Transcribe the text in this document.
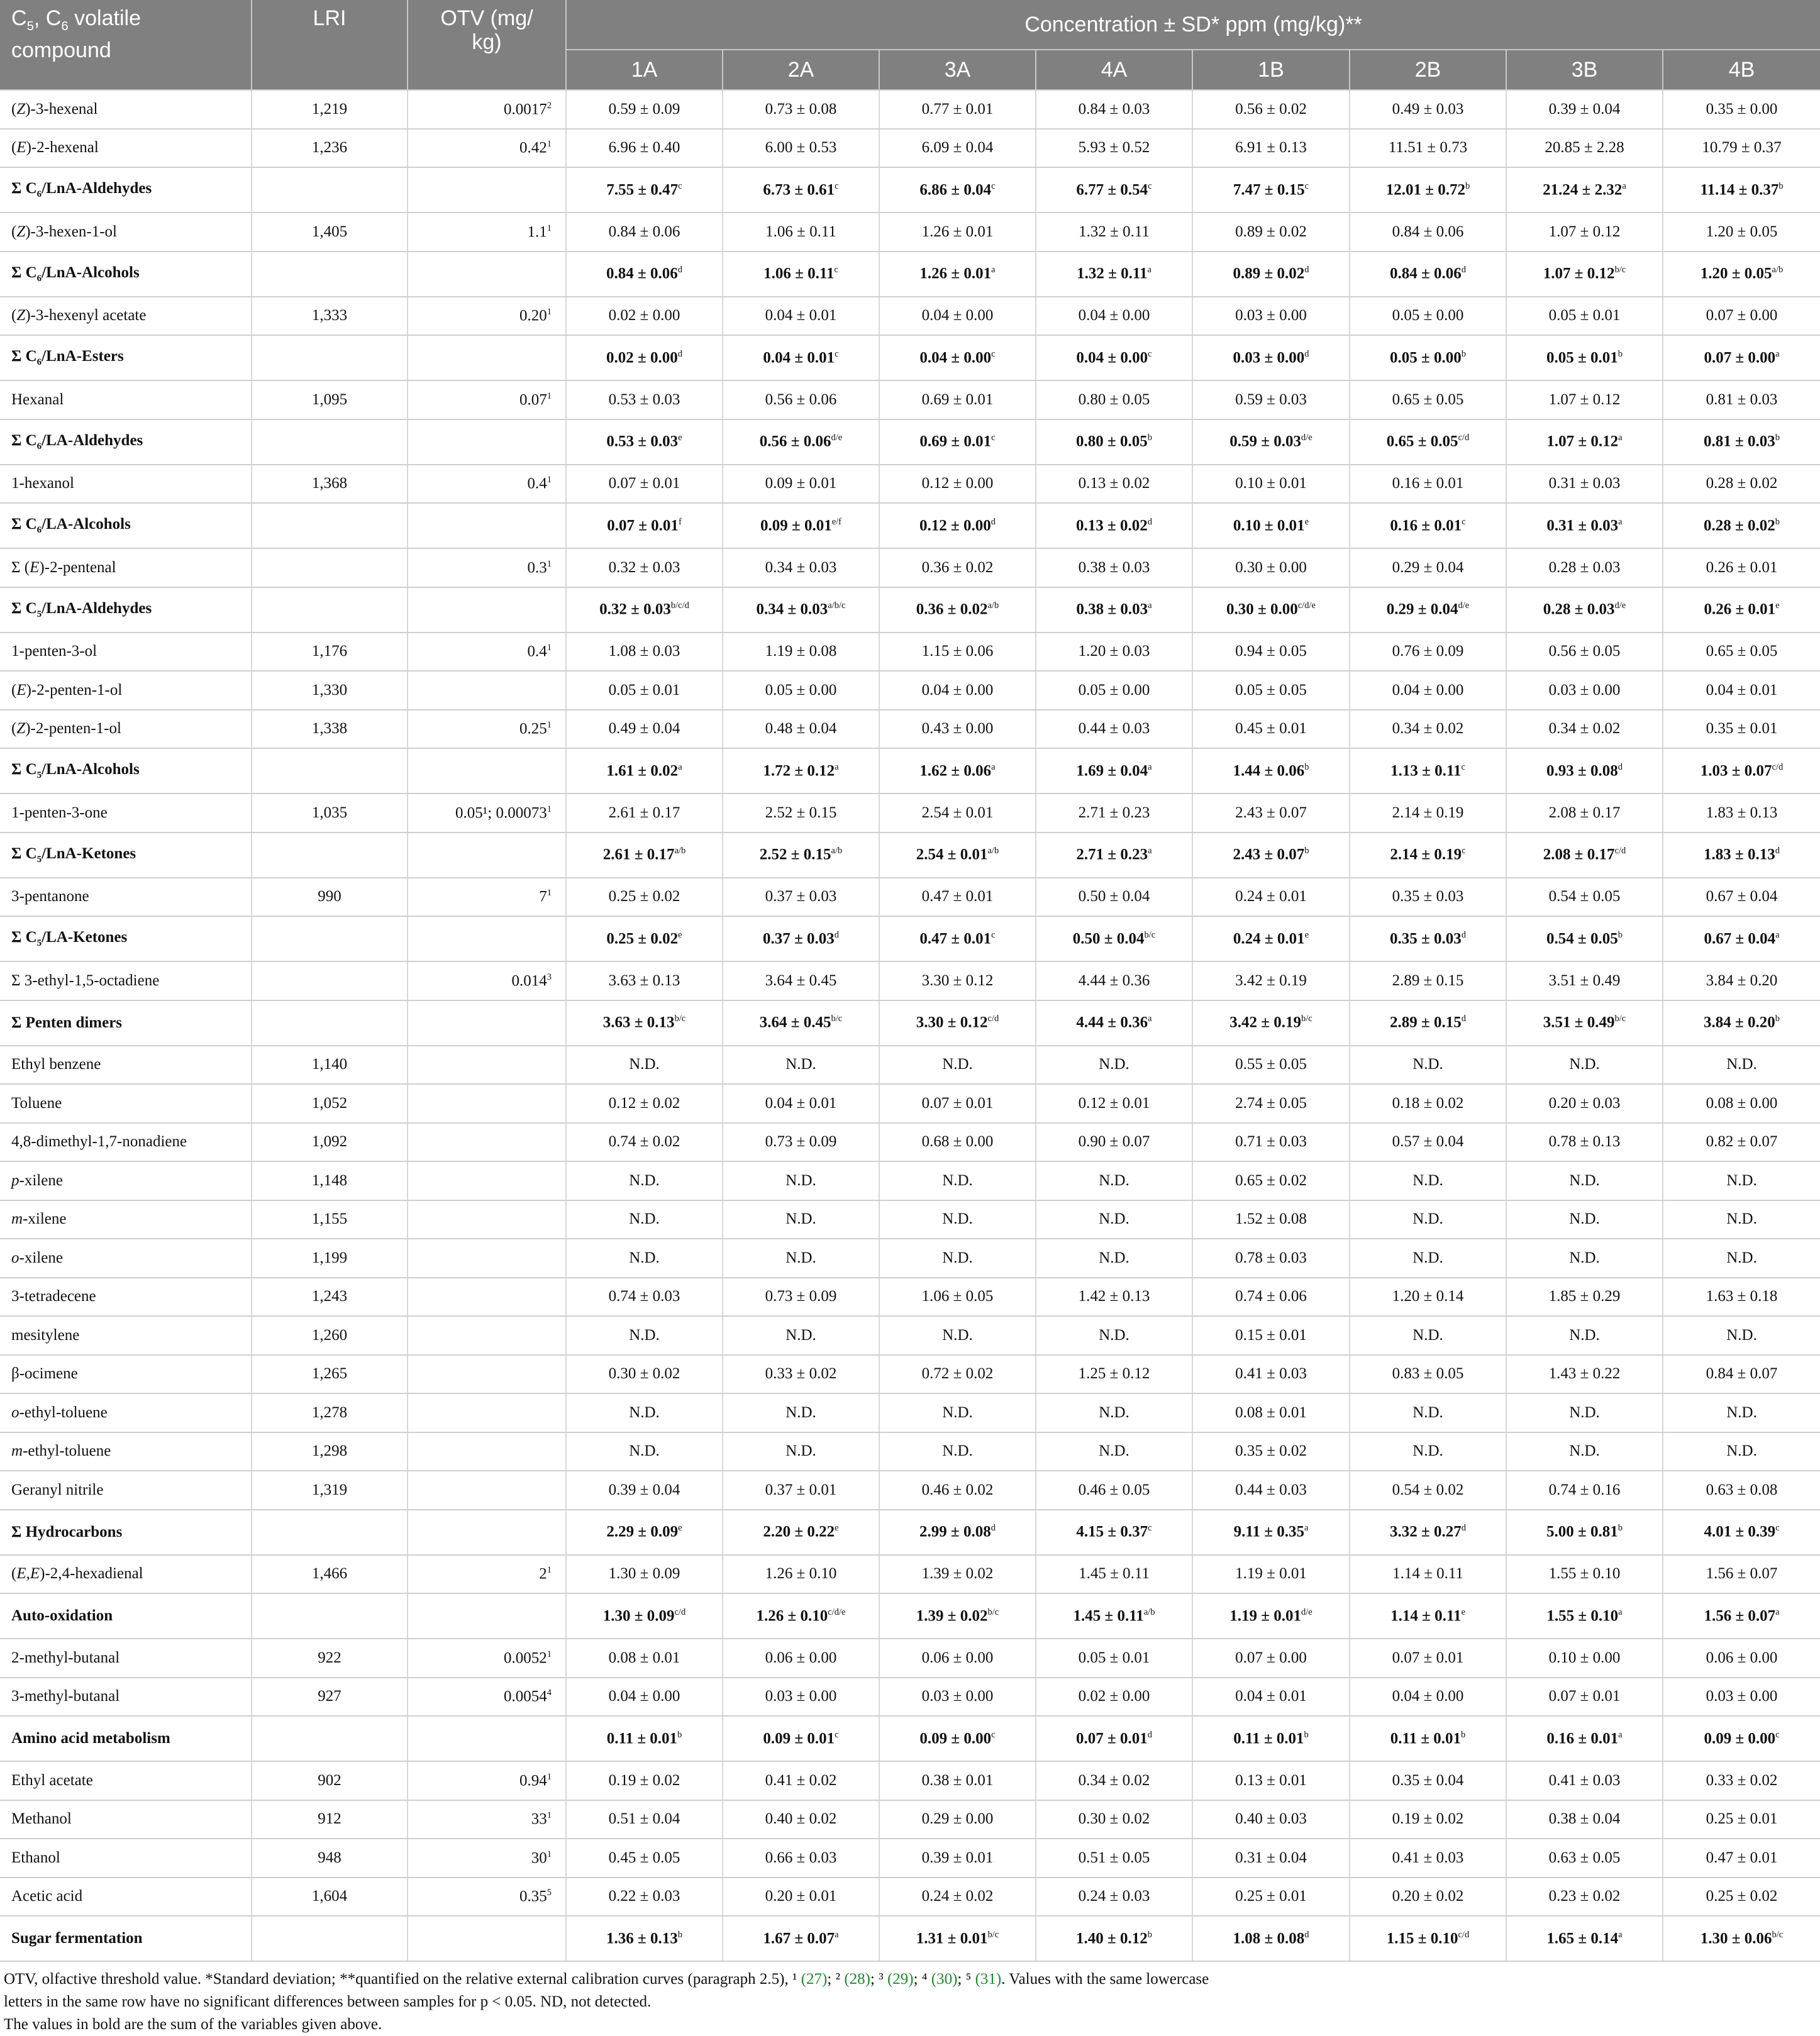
$C_5$, $C_6$ volatile
compound	LRI	OTV (mg/
kg)	Concentration ± SD* ppm (mg/kg)**							
			1A	2A	3A	4A	1B	2B	3B	4B
(Z)-3-hexenal	1,219	0.0017$^2$	0.59 ± 0.09	0.73 ± 0.08	0.77 ± 0.01	0.84 ± 0.03	0.56 ± 0.02	0.49 ± 0.03	0.39 ± 0.04	0.35 ± 0.00
(E)-2-hexenal	1,236	0.42$^1$	6.96 ± 0.40	6.00 ± 0.53	6.09 ± 0.04	5.93 ± 0.52	6.91 ± 0.13	11.51 ± 0.73	20.85 ± 2.28	10.79 ± 0.37
Σ $C_6/LnA$-Aldehydes			7.55 ± 0.47$^c$	6.73 ± 0.61$^c$	6.86 ± 0.04$^c$	6.77 ± 0.54$^c$	7.47 ± 0.15$^c$	12.01 ± 0.72$^b$	21.24 ± 2.32$^a$	11.14 ± 0.37$^b$
(Z)-3-hexen-1-ol	1,405	$1.1^1$	0.84 ± 0.06	1.06 ± 0.11	1.26 ± 0.01	1.32 ± 0.11	0.89 ± 0.02	0.84 ± 0.06	1.07 ± 0.12	1.20 ± 0.05
Σ $C_6/LnA$-Alcohols			0.84 ± 0.06$^d$	1.06 ± 0.11$^c$	1.26 ± 0.01$^a$	1.32 ± 0.11$^a$	0.89 ± 0.02$^d$	0.84 ± 0.06$^d$	$1.07 \pm 0.12^{b/c}$	$1.20 \pm 0.05^{a/b}$
(Z)-3-hexenyl acetate	1,333	0.20$^1$	0.02 ± 0.00	0.04 ± 0.01	0.04 ± 0.00	0.04 ± 0.00	0.03 ± 0.00	0.05 ± 0.00	0.05 ± 0.01	0.07 ± 0.00
Σ $C_6/LnA$-Esters			0.02 ± 0.00$^d$	0.04 ± 0.01$^c$	0.04 ± 0.00$^c$	0.04 ± 0.00$^c$	0.03 ± 0.00$^d$	0.05 ± 0.00$^b$	0.05 ± 0.01$^b$	0.07 ± 0.00$^a$
Hexanal	1,095	0.07$^1$	0.53 ± 0.03	0.56 ± 0.06	0.69 ± 0.01	0.80 ± 0.05	0.59 ± 0.03	0.65 ± 0.05	1.07 ± 0.12	0.81 ± 0.03
Σ $C_6/LA$-Aldehydes			0.53 ± 0.03$^e$	$0.56 \pm 0.06^{d/e}$	0.69 ± 0.01$^c$	0.80 ± 0.05$^b$	$0.59 \pm 0.03^{d/e}$	$0.65 \pm 0.05^{c/d}$	1.07 ± 0.12$^a$	0.81 ± 0.03$^b$
1-hexanol	1,368	$0.4^1$	0.07 ± 0.01	0.09 ± 0.01	0.12 ± 0.00	0.13 ± 0.02	0.10 ± 0.01	0.16 ± 0.01	0.31 ± 0.03	0.28 ± 0.02
Σ $C_6/LA$-Alcohols			0.07 ± 0.01$^f$	$0.09 \pm 0.01^{e/f}$	0.12 ± 0.00$^d$	0.13 ± 0.02$^d$	0.10 ± 0.01$^e$	0.16 ± 0.01$^c$	0.31 ± 0.03$^a$	0.28 ± 0.02$^b$
Σ (E)-2-pentenal		$0.3^1$	0.32 ± 0.03	0.34 ± 0.03	0.36 ± 0.02	0.38 ± 0.03	0.30 ± 0.00	0.29 ± 0.04	0.28 ± 0.03	0.26 ± 0.01
Σ $C_5/LnA$-Aldehydes			$0.32 \pm 0.03^{b/c/d}$	$0.34 \pm 0.03^{a/b/c}$	$0.36 \pm 0.02^{a/b}$	0.38 ± 0.03$^a$	$0.30 \pm 0.00^{c/d/e}$	$0.29 \pm 0.04^{d/e}$	$0.28 \pm 0.03^{d/e}$	0.26 ± 0.01$^e$
1-penten-3-ol	1,176	$0.4^1$	1.08 ± 0.03	1.19 ± 0.08	1.15 ± 0.06	1.20 ± 0.03	0.94 ± 0.05	0.76 ± 0.09	0.56 ± 0.05	0.65 ± 0.05
(E)-2-penten-1-ol	1,330		0.05 ± 0.01	0.05 ± 0.00	0.04 ± 0.00	0.05 ± 0.00	0.05 ± 0.05	0.04 ± 0.00	0.03 ± 0.00	0.04 ± 0.01
(Z)-2-penten-1-ol	1,338	0.25$^1$	0.49 ± 0.04	0.48 ± 0.04	0.43 ± 0.00	0.44 ± 0.03	0.45 ± 0.01	0.34 ± 0.02	0.34 ± 0.02	0.35 ± 0.01
Σ $C_5/LnA$-Alcohols			1.61 ± 0.02$^a$	1.72 ± 0.12$^a$	1.62 ± 0.06$^a$	1.69 ± 0.04$^a$	1.44 ± 0.06$^b$	1.13 ± 0.11$^c$	0.93 ± 0.08$^d$	$1.03 \pm 0.07^{c/d}$
1-penten-3-one	1,035	0.05¹; 0.00073$^1$	2.61 ± 0.17	2.52 ± 0.15	2.54 ± 0.01	2.71 ± 0.23	2.43 ± 0.07	2.14 ± 0.19	2.08 ± 0.17	1.83 ± 0.13
Σ $C_5/LnA$-Ketones			$2.61 \pm 0.17^{a/b}$	$2.52 \pm 0.15^{a/b}$	$2.54 \pm 0.01^{a/b}$	2.71 ± 0.23$^a$	2.43 ± 0.07$^b$	2.14 ± 0.19$^c$	$2.08 \pm 0.17^{c/d}$	1.83 ± 0.13$^d$
3-pentanone	990	$7^1$	0.25 ± 0.02	0.37 ± 0.03	0.47 ± 0.01	0.50 ± 0.04	0.24 ± 0.01	0.35 ± 0.03	0.54 ± 0.05	0.67 ± 0.04
Σ $C_5/LA$-Ketones			0.25 ± 0.02$^e$	0.37 ± 0.03$^d$	0.47 ± 0.01$^c$	$0.50 \pm 0.04^{b/c}$	0.24 ± 0.01$^e$	0.35 ± 0.03$^d$	0.54 ± 0.05$^b$	0.67 ± 0.04$^a$
Σ 3-ethyl-1,5-octadiene		0.014$^3$	3.63 ± 0.13	3.64 ± 0.45	3.30 ± 0.12	4.44 ± 0.36	3.42 ± 0.19	2.89 ± 0.15	3.51 ± 0.49	3.84 ± 0.20
Σ Penten dimers			$3.63 \pm 0.13^{b/c}$	$3.64 \pm 0.45^{b/c}$	$3.30 \pm 0.12^{c/d}$	4.44 ± 0.36$^a$	$3.42 \pm 0.19^{b/c}$	2.89 ± 0.15$^d$	$3.51 \pm 0.49^{b/c}$	3.84 ± 0.20$^b$
Ethyl benzene	1,140		N.D.	N.D.	N.D.	N.D.	0.55 ± 0.05	N.D.	N.D.	N.D.
Toluene	1,052		0.12 ± 0.02	0.04 ± 0.01	0.07 ± 0.01	0.12 ± 0.01	2.74 ± 0.05	0.18 ± 0.02	0.20 ± 0.03	0.08 ± 0.00
4,8-dimethyl-1,7-nonadiene	1,092		0.74 ± 0.02	0.73 ± 0.09	0.68 ± 0.00	0.90 ± 0.07	0.71 ± 0.03	0.57 ± 0.04	0.78 ± 0.13	0.82 ± 0.07
p-xilene	1,148		N.D.	N.D.	N.D.	N.D.	0.65 ± 0.02	N.D.	N.D.	N.D.
m-xilene	1,155		N.D.	N.D.	N.D.	N.D.	1.52 ± 0.08	N.D.	N.D.	N.D.
o-xilene	1,199		N.D.	N.D.	N.D.	N.D.	0.78 ± 0.03	N.D.	N.D.	N.D.
3-tetradecene	1,243		0.74 ± 0.03	0.73 ± 0.09	1.06 ± 0.05	1.42 ± 0.13	0.74 ± 0.06	1.20 ± 0.14	1.85 ± 0.29	1.63 ± 0.18
mesitylene	1,260		N.D.	N.D.	N.D.	N.D.	0.15 ± 0.01	N.D.	N.D.	N.D.
β-ocimene	1,265		0.30 ± 0.02	0.33 ± 0.02	0.72 ± 0.02	1.25 ± 0.12	0.41 ± 0.03	0.83 ± 0.05	1.43 ± 0.22	0.84 ± 0.07
o-ethyl-toluene	1,278		N.D.	N.D.	N.D.	N.D.	0.08 ± 0.01	N.D.	N.D.	N.D.
m-ethyl-toluene	1,298		N.D.	N.D.	N.D.	N.D.	0.35 ± 0.02	N.D.	N.D.	N.D.
Geranyl nitrile	1,319		0.39 ± 0.04	0.37 ± 0.01	0.46 ± 0.02	0.46 ± 0.05	0.44 ± 0.03	0.54 ± 0.02	0.74 ± 0.16	0.63 ± 0.08
Σ Hydrocarbons			2.29 ± 0.09$^e$	2.20 ± 0.22$^e$	2.99 ± 0.08$^d$	4.15 ± 0.37$^c$	9.11 ± 0.35$^a$	3.32 ± 0.27$^d$	5.00 ± 0.81$^b$	4.01 ± 0.39$^c$
(E,E)-2,4-hexadienal	1,466	$2^1$	1.30 ± 0.09	1.26 ± 0.10	1.39 ± 0.02	1.45 ± 0.11	1.19 ± 0.01	1.14 ± 0.11	1.55 ± 0.10	1.56 ± 0.07
Auto-oxidation			$1.30 \pm 0.09^{c/d}$	$1.26 \pm 0.10^{c/d/e}$	$1.39 \pm 0.02^{b/c}$	$1.45 \pm 0.11^{a/b}$	$1.19 \pm 0.01^{d/e}$	1.14 ± 0.11$^e$	1.55 ± 0.10$^a$	1.56 ± 0.07$^a$
2-methyl-butanal	922	0.0052$^1$	0.08 ± 0.01	0.06 ± 0.00	0.06 ± 0.00	0.05 ± 0.01	0.07 ± 0.00	0.07 ± 0.01	0.10 ± 0.00	0.06 ± 0.00
3-methyl-butanal	927	0.0054$^4$	0.04 ± 0.00	0.03 ± 0.00	0.03 ± 0.00	0.02 ± 0.00	0.04 ± 0.01	0.04 ± 0.00	0.07 ± 0.01	0.03 ± 0.00
Amino acid metabolism			0.11 ± 0.01$^b$	0.09 ± 0.01$^c$	0.09 ± 0.00$^c$	0.07 ± 0.01$^d$	0.11 ± 0.01$^b$	0.11 ± 0.01$^b$	0.16 ± 0.01$^a$	0.09 ± 0.00$^c$
Ethyl acetate	902	0.94$^1$	0.19 ± 0.02	0.41 ± 0.02	0.38 ± 0.01	0.34 ± 0.02	0.13 ± 0.01	0.35 ± 0.04	0.41 ± 0.03	0.33 ± 0.02
Methanol	912	$33^1$	0.51 ± 0.04	0.40 ± 0.02	0.29 ± 0.00	0.30 ± 0.02	0.40 ± 0.03	0.19 ± 0.02	0.38 ± 0.04	0.25 ± 0.01
Ethanol	948	$30^1$	0.45 ± 0.05	0.66 ± 0.03	0.39 ± 0.01	0.51 ± 0.05	0.31 ± 0.04	0.41 ± 0.03	0.63 ± 0.05	0.47 ± 0.01
Acetic acid	1,604	0.35$^5$	0.22 ± 0.03	0.20 ± 0.01	0.24 ± 0.02	0.24 ± 0.03	0.25 ± 0.01	0.20 ± 0.02	0.23 ± 0.02	0.25 ± 0.02
Sugar fermentation			1.36 ± 0.13$^b$	1.67 ± 0.07$^a$	$1.31 \pm 0.01^{b/c}$	1.40 ± 0.12$^b$	1.08 ± 0.08$^d$	$1.15 \pm 0.10^{c/d}$	1.65 ± 0.14$^a$	$1.30 \pm 0.06^{b/c}$
OTV, olfactive threshold value. *Standard deviation; **quantified on the relative external calibration curves (paragraph 2.5), ¹ (27); ² (28); ³ (29); ⁴ (30); ⁵ (31). Values with the same lowercase
letters in the same row have no significant differences between samples for p < 0.05. ND, not detected.
The values in bold are the sum of the variables given above.
